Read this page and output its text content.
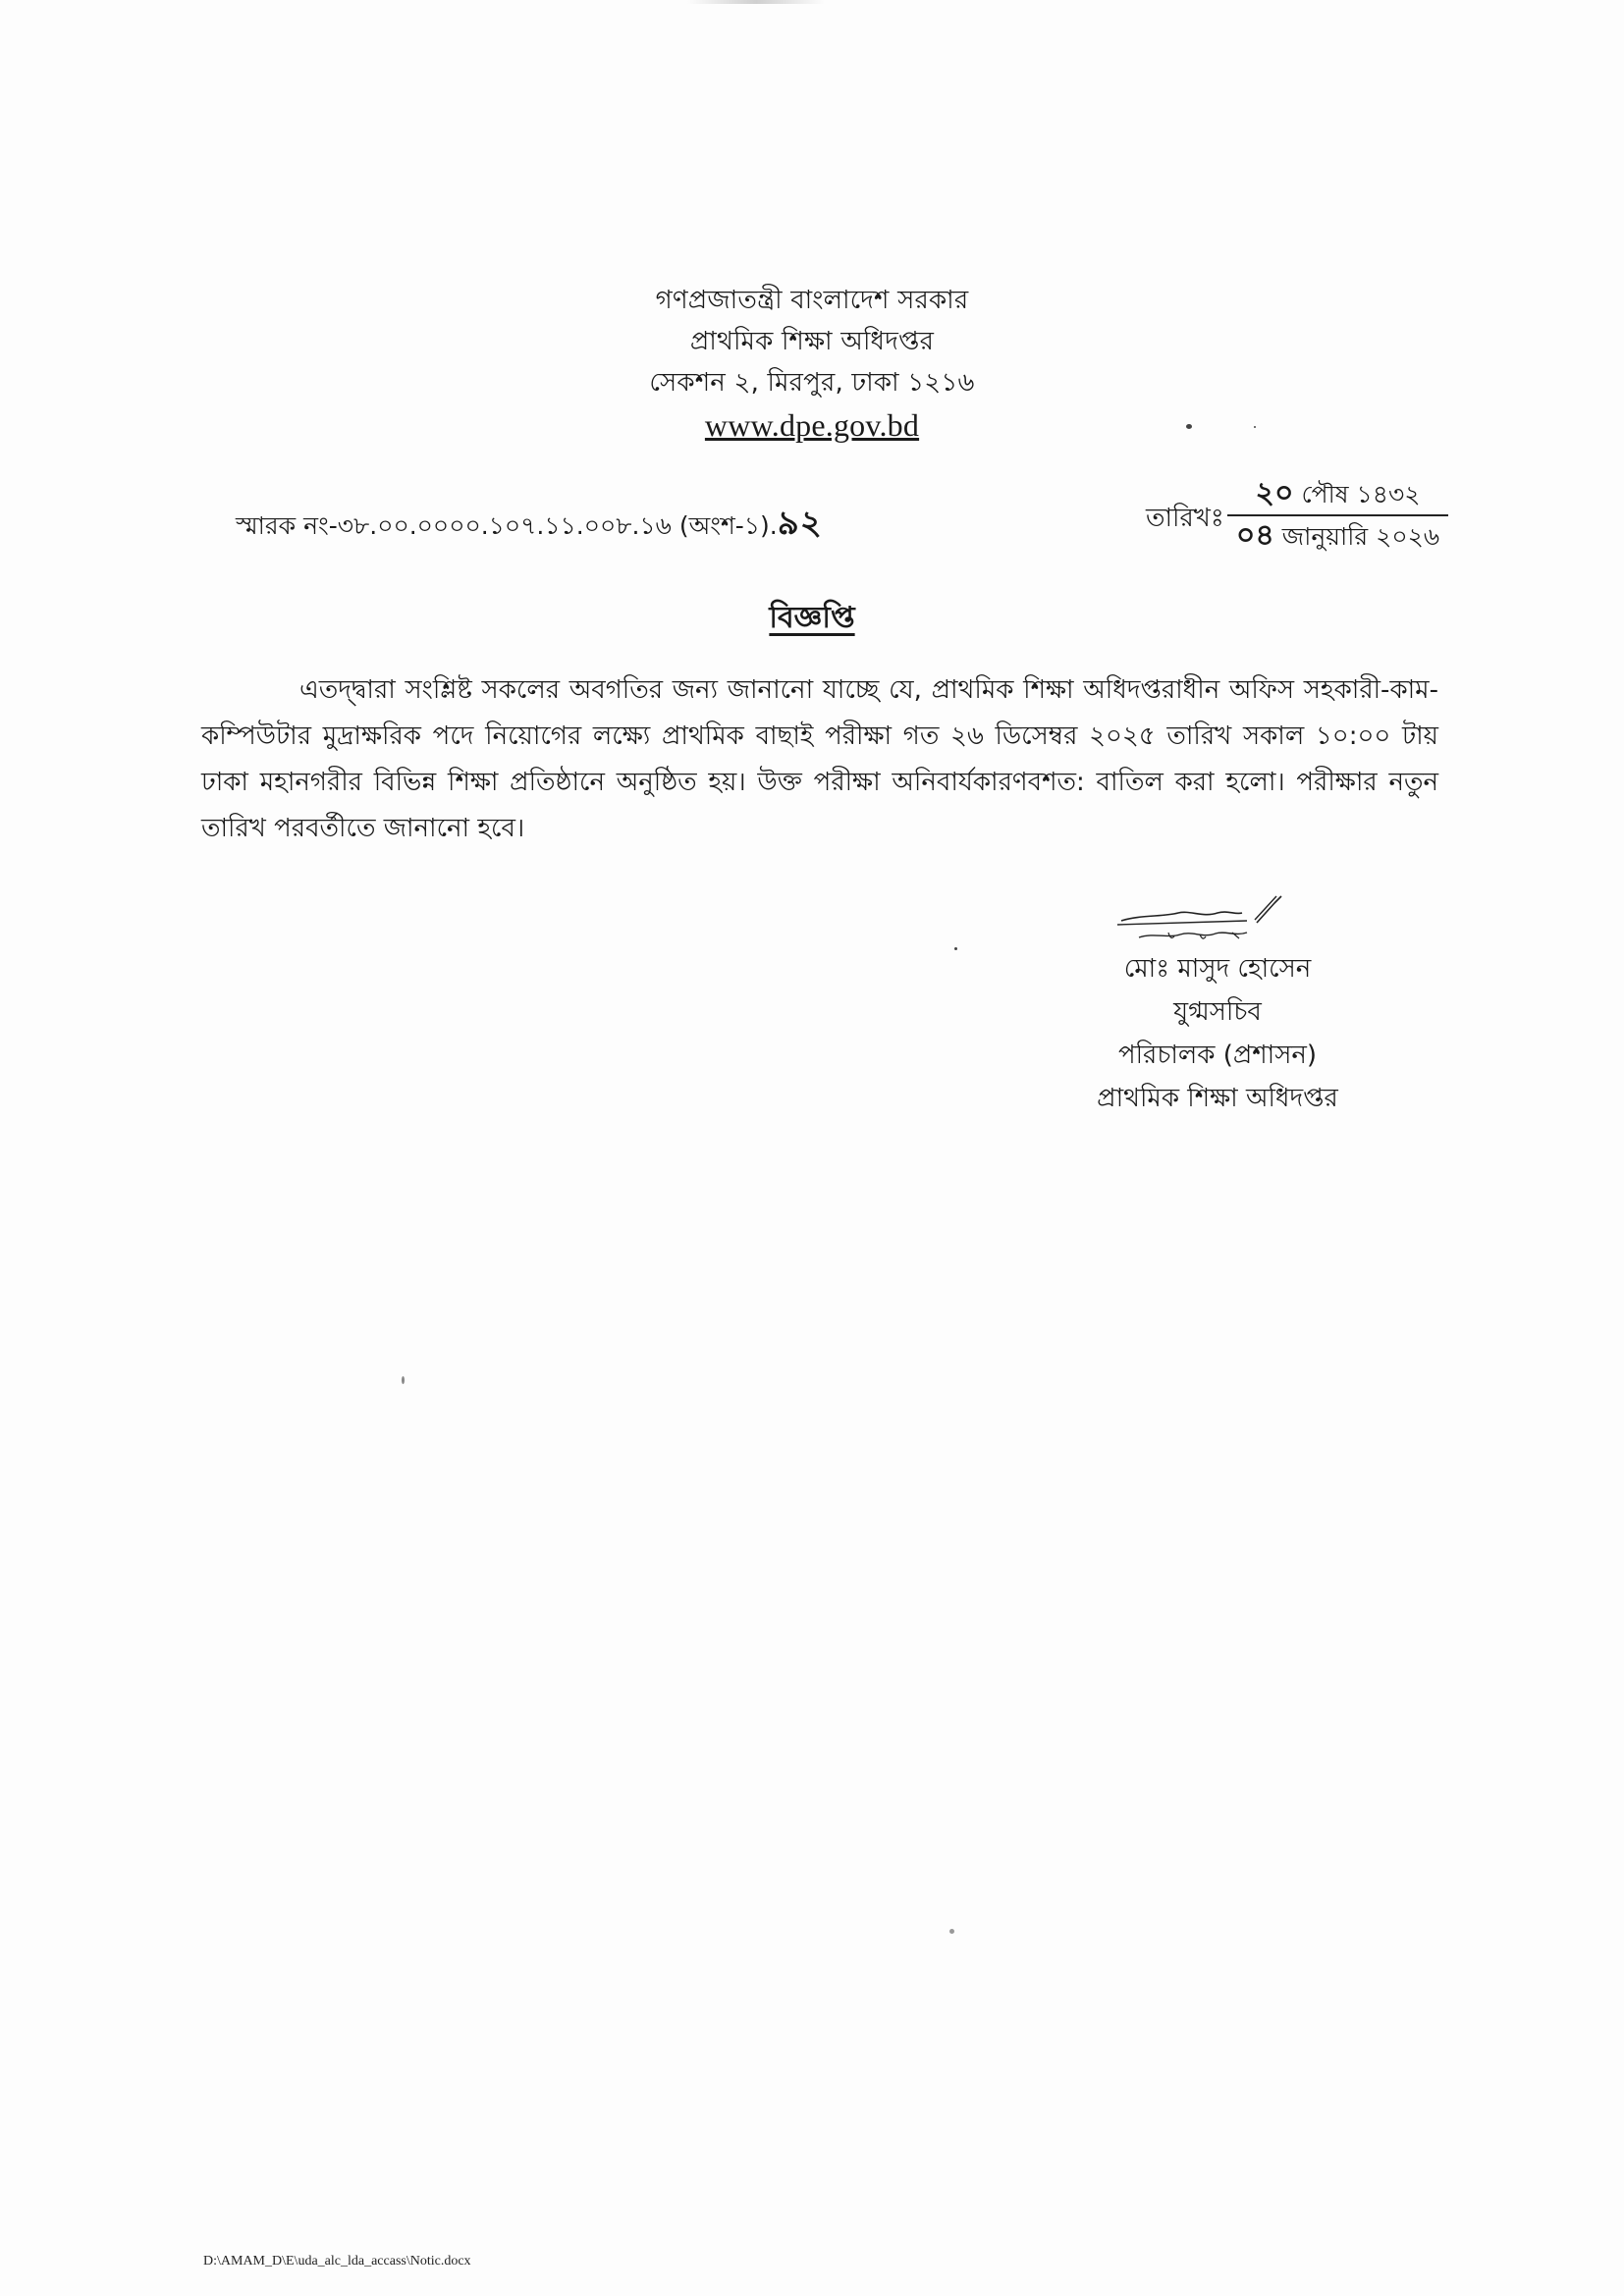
গণপ্রজাতন্ত্রী বাংলাদেশ সরকার
প্রাথমিক শিক্ষা অধিদপ্তর
সেকশন ২, মিরপুর, ঢাকা ১২১৬
www.dpe.gov.bd
স্মারক নং-৩৮.০০.০০০০.১০৭.১১.০০৮.১৬ (অংশ-১).৯২	তারিখঃ
২০ পৌষ ১৪৩২
০৪ জানুয়ারি ২০২৬
বিজ্ঞপ্তি
এতদ্দ্বারা সংশ্লিষ্ট সকলের অবগতির জন্য জানানো যাচ্ছে যে, প্রাথমিক শিক্ষা অধিদপ্তরাধীন অফিস সহকারী-কাম-কম্পিউটার মুদ্রাক্ষরিক পদে নিয়োগের লক্ষ্যে প্রাথমিক বাছাই পরীক্ষা গত ২৬ ডিসেম্বর ২০২৫ তারিখ সকাল ১০:০০ টায় ঢাকা মহানগরীর বিভিন্ন শিক্ষা প্রতিষ্ঠানে অনুষ্ঠিত হয়। উক্ত পরীক্ষা অনিবার্যকারণবশত: বাতিল করা হলো। পরীক্ষার নতুন তারিখ পরবর্তীতে জানানো হবে।
মোঃ মাসুদ হোসেন
যুগ্মসচিব
পরিচালক (প্রশাসন)
প্রাথমিক শিক্ষা অধিদপ্তর
D:\AMAM_D\E\uda_alc_lda_accass\Notic.docx
